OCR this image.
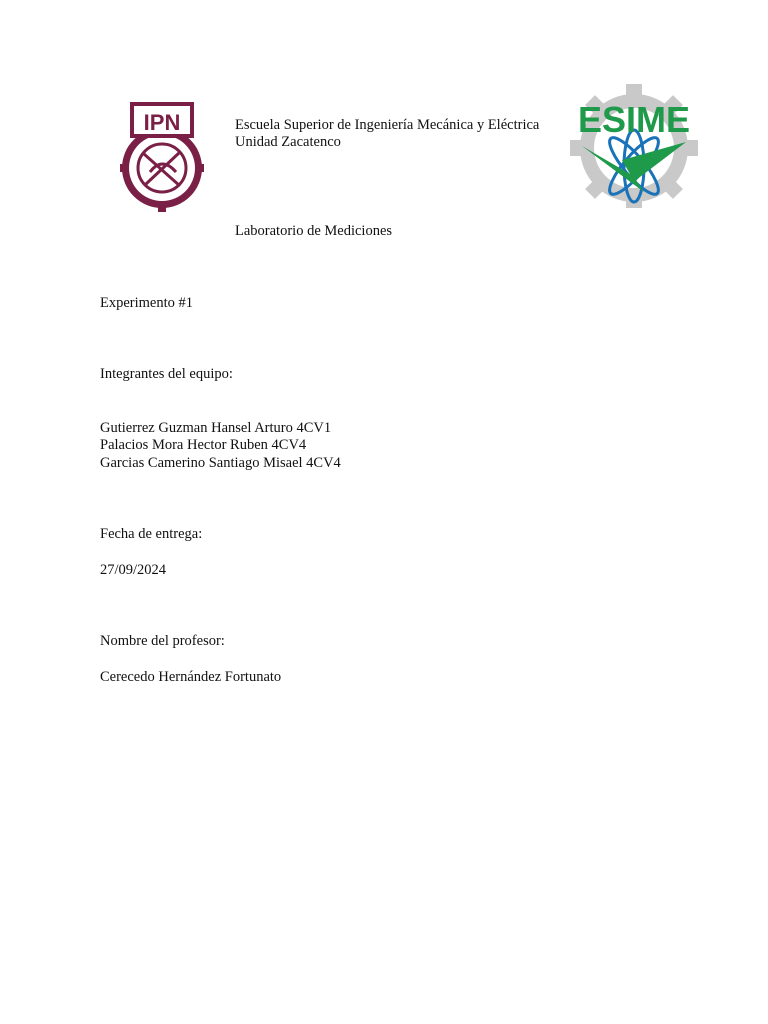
IPN	Escuela Superior de Ingeniería Mecánica y Eléctrica
Unidad Zacatenco
ESIME
Laboratorio de Mediciones
Experimento #1
Integrantes del equipo:
Gutierrez Guzman Hansel Arturo 4CV1
Palacios Mora Hector Ruben 4CV4
Garcias Camerino Santiago Misael 4CV4
Fecha de entrega:
27/09/2024
Nombre del profesor:
Cerecedo Hernández Fortunato
